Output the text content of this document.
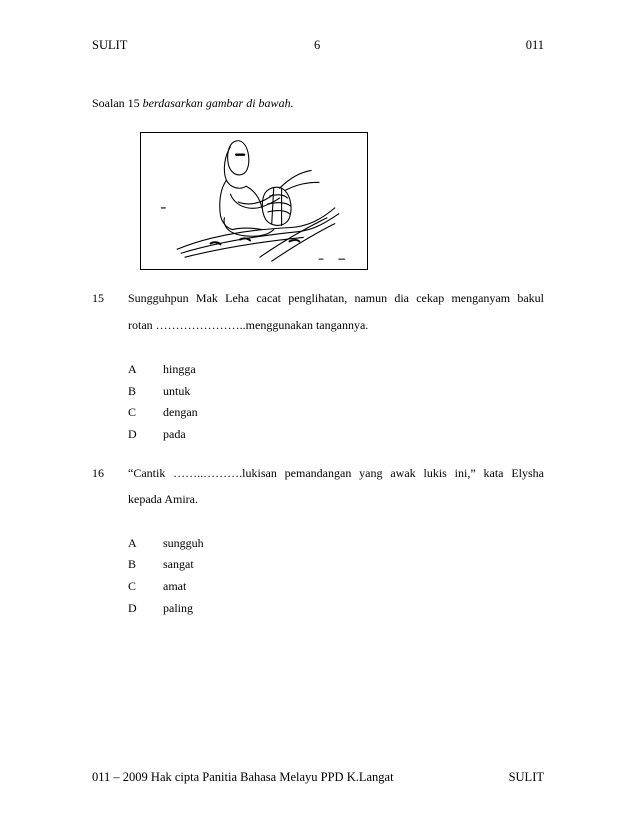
SULIT	6	011
Soalan 15 berdasarkan gambar di bawah.
15 Sungguhpun Mak Leha cacat penglihatan, namun dia cekap menganyam bakul
rotan …………………..menggunakan tangannya.
A hingga
B untuk
C dengan
D pada
16 “Cantik ……..……….lukisan pemandangan yang awak lukis ini,” kata Elysha
kepada Amira.
A sungguh
B sangat
C amat
D paling
011 – 2009 Hak cipta Panitia Bahasa Melayu PPD K.Langat	SULIT
